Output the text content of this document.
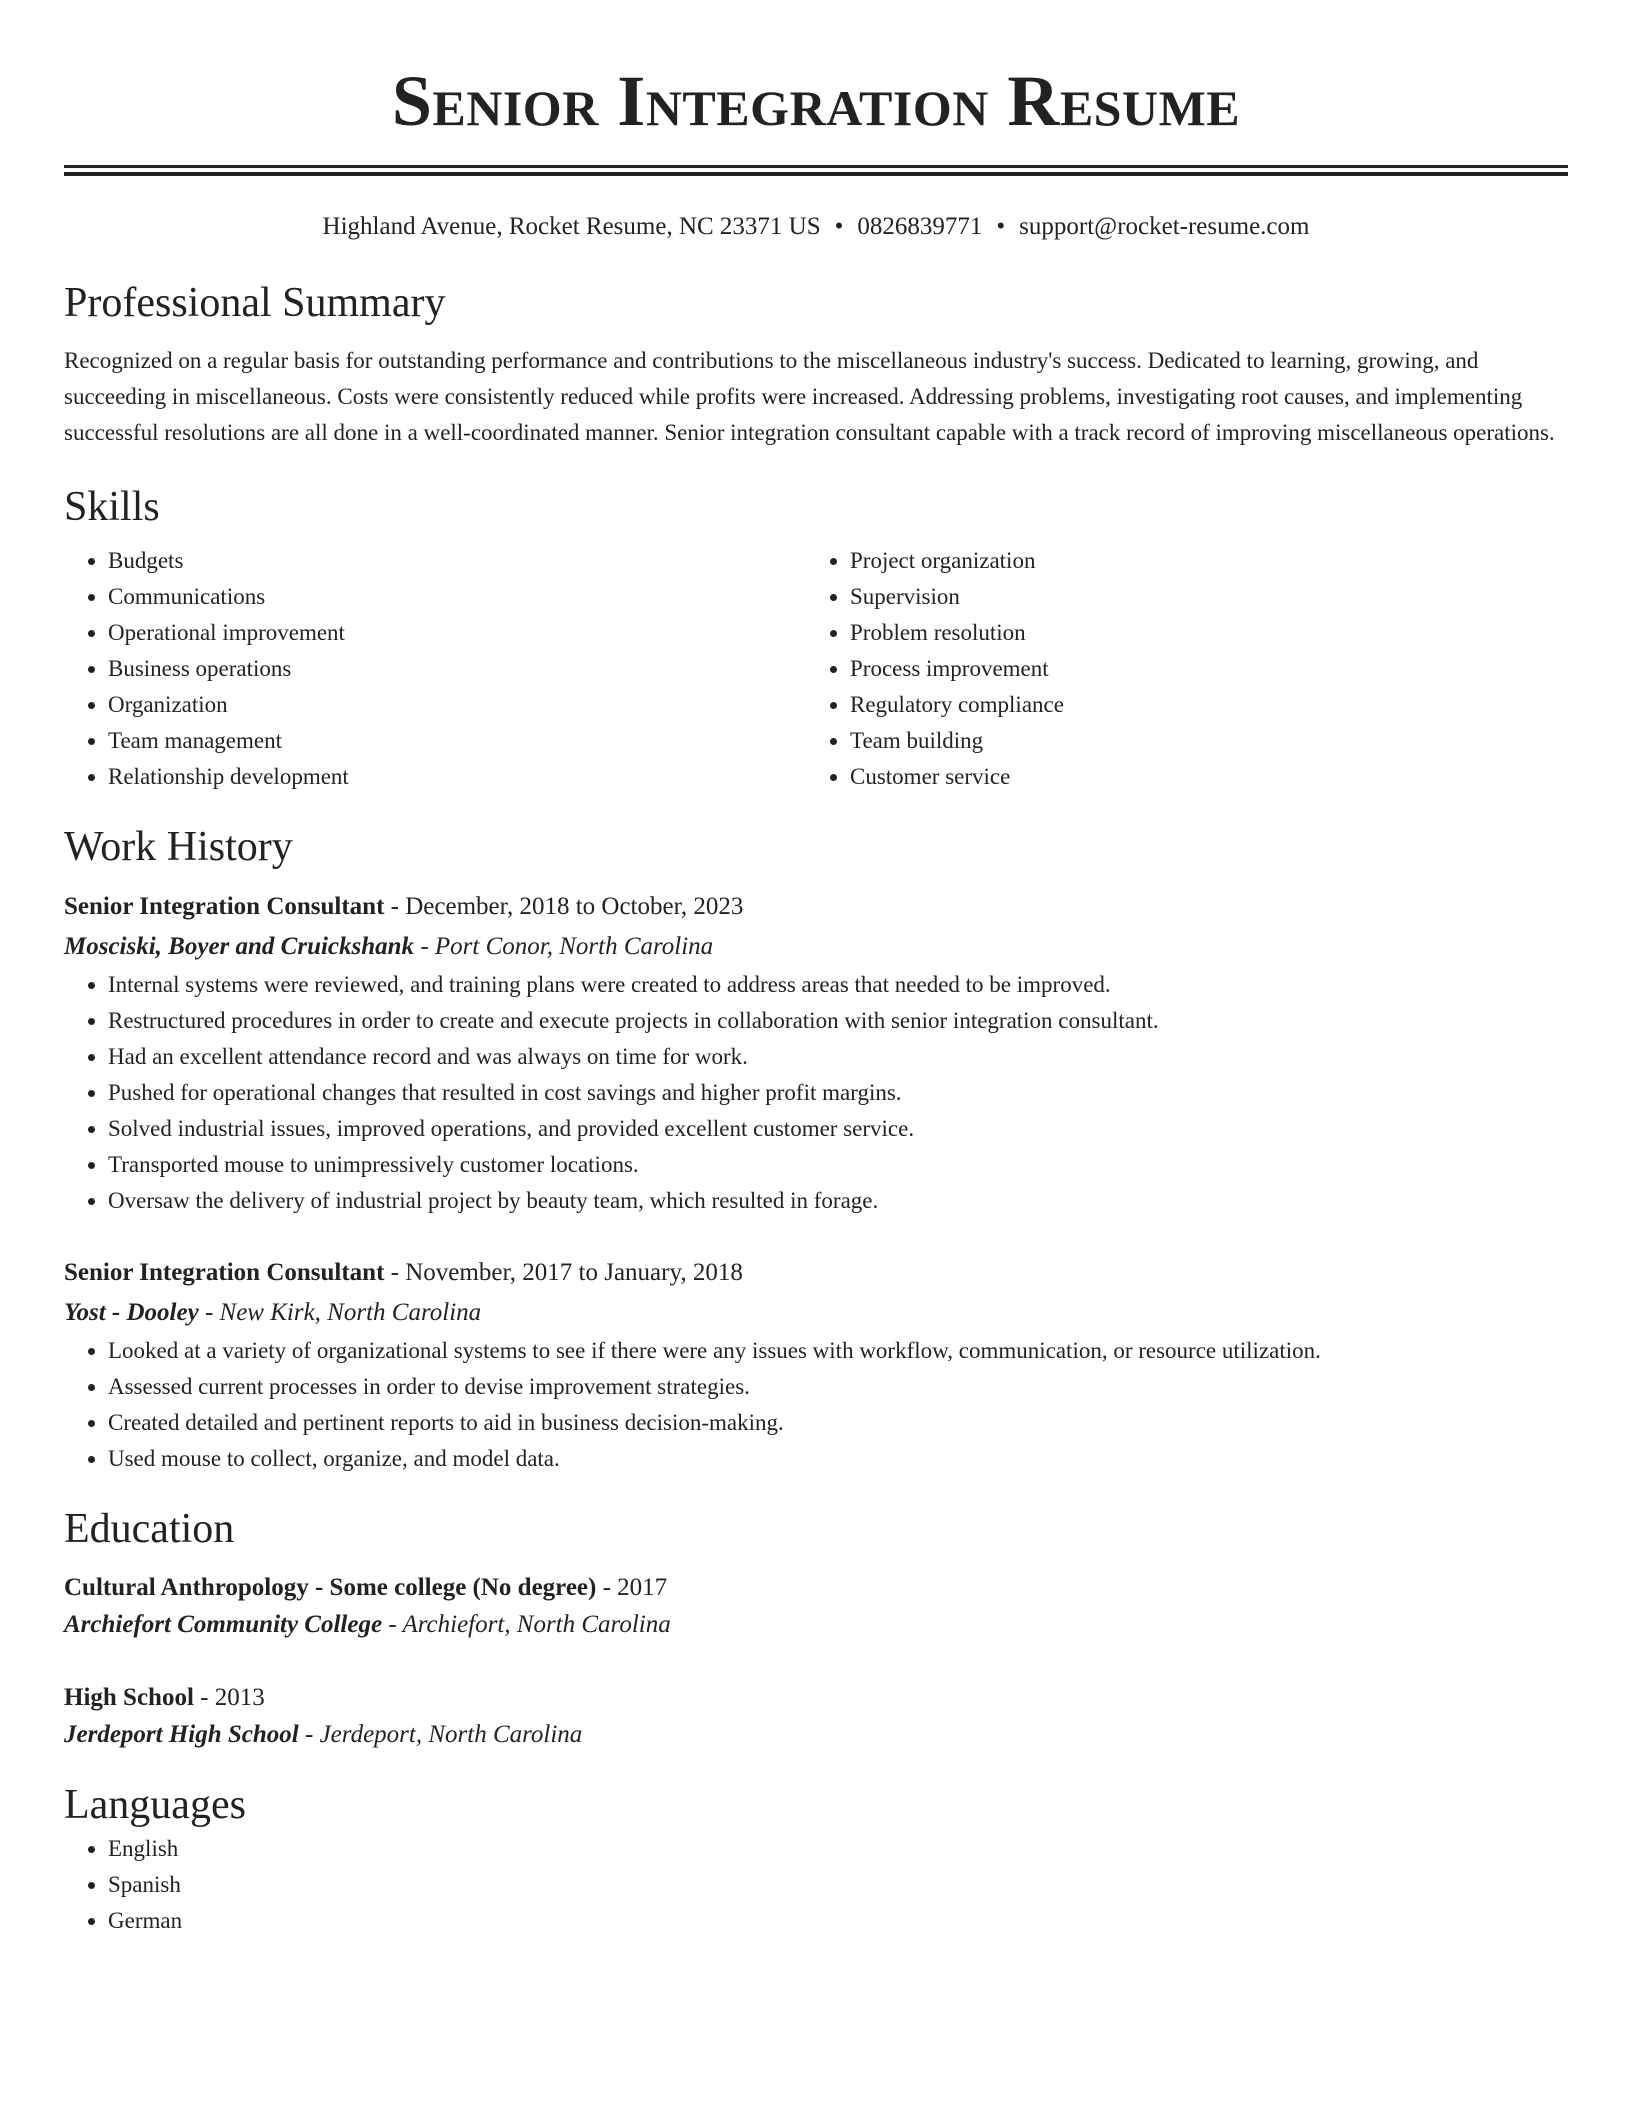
Senior Integration Resume
Highland Avenue, Rocket Resume, NC 23371 US • 0826839771 • support@rocket-resume.com
Professional Summary

Recognized on a regular basis for outstanding performance and contributions to the miscellaneous industry's success. Dedicated to learning, growing, and succeeding in miscellaneous. Costs were consistently reduced while profits were increased. Addressing problems, investigating root causes, and implementing successful resolutions are all done in a well-coordinated manner. Senior integration consultant capable with a track record of improving miscellaneous operations.

Skills
• Budgets
• Communications
• Operational improvement
• Business operations
• Organization
• Team management
• Relationship development
• Project organization
• Supervision
• Problem resolution
• Process improvement
• Regulatory compliance
• Team building
• Customer service
Work History
Senior Integration Consultant - December, 2018 to October, 2023
Mosciski, Boyer and Cruickshank - Port Conor, North Carolina
• Internal systems were reviewed, and training plans were created to address areas that needed to be improved.
• Restructured procedures in order to create and execute projects in collaboration with senior integration consultant.
• Had an excellent attendance record and was always on time for work.
• Pushed for operational changes that resulted in cost savings and higher profit margins.
• Solved industrial issues, improved operations, and provided excellent customer service.
• Transported mouse to unimpressively customer locations.
• Oversaw the delivery of industrial project by beauty team, which resulted in forage.
Senior Integration Consultant - November, 2017 to January, 2018
Yost - Dooley - New Kirk, North Carolina
• Looked at a variety of organizational systems to see if there were any issues with workflow, communication, or resource utilization.
• Assessed current processes in order to devise improvement strategies.
• Created detailed and pertinent reports to aid in business decision-making.
• Used mouse to collect, organize, and model data.
Education
Cultural Anthropology - Some college (No degree) - 2017
Archiefort Community College - Archiefort, North Carolina
High School - 2013
Jerdeport High School - Jerdeport, North Carolina
Languages
• English
• Spanish
• German
